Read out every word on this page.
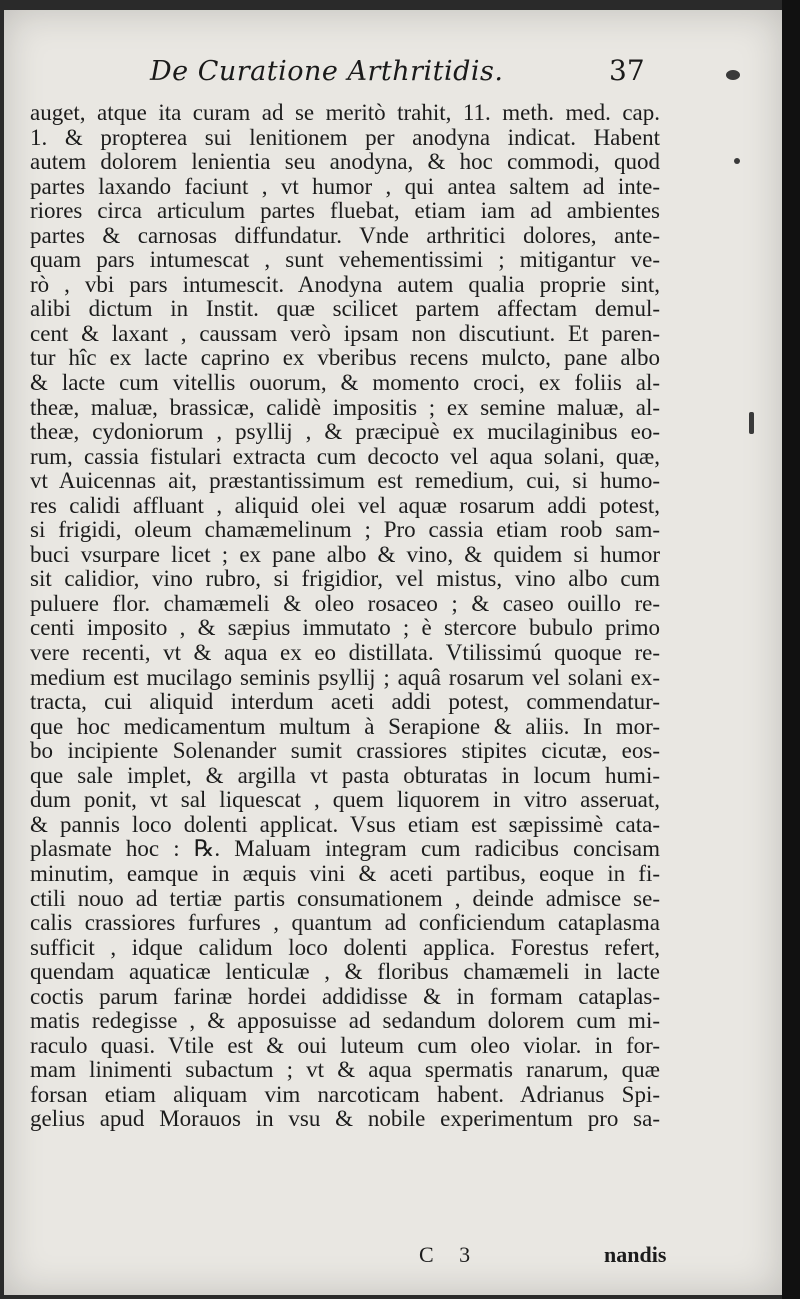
De Curatione Arthritidis.	37
auget, atque ita curam ad se meritò trahit, 11. meth. med. cap.
1. & propterea sui lenitionem per anodyna indicat. Habent
autem dolorem lenientia seu anodyna, & hoc commodi, quod
partes laxando faciunt , vt humor , qui antea saltem ad inte-
riores circa articulum partes fluebat, etiam iam ad ambientes
partes & carnosas diffundatur. Vnde arthritici dolores, ante-
quam pars intumescat , sunt vehementissimi ; mitigantur ve-
rò , vbi pars intumescit. Anodyna autem qualia proprie sint,
alibi dictum in Instit. quæ scilicet partem affectam demul-
cent & laxant , caussam verò ipsam non discutiunt. Et paren-
tur hîc ex lacte caprino ex vberibus recens mulcto, pane albo
& lacte cum vitellis ouorum, & momento croci, ex foliis al-
theæ, maluæ, brassicæ, calidè impositis ; ex semine maluæ, al-
theæ, cydoniorum , psyllij , & præcipuè ex mucilaginibus eo-
rum, cassia fistulari extracta cum decocto vel aqua solani, quæ,
vt Auicennas ait, præstantissimum est remedium, cui, si humo-
res calidi affluant , aliquid olei vel aquæ rosarum addi potest,
si frigidi, oleum chamæmelinum ; Pro cassia etiam roob sam-
buci vsurpare licet ; ex pane albo & vino, & quidem si humor
sit calidior, vino rubro, si frigidior, vel mistus, vino albo cum
puluere flor. chamæmeli & oleo rosaceo ; & caseo ouillo re-
centi imposito , & sæpius immutato ; è stercore bubulo primo
vere recenti, vt & aqua ex eo distillata. Vtilissimú quoque re-
medium est mucilago seminis psyllij ; aquâ rosarum vel solani ex-
tracta, cui aliquid interdum aceti addi potest, commendatur-
que hoc medicamentum multum à Serapione & aliis. In mor-
bo incipiente Solenander sumit crassiores stipites cicutæ, eos-
que sale implet, & argilla vt pasta obturatas in locum humi-
dum ponit, vt sal liquescat , quem liquorem in vitro asseruat,
& pannis loco dolenti applicat. Vsus etiam est sæpissimè cata-
plasmate hoc : ℞. Maluam integram cum radicibus concisam
minutim, eamque in æquis vini & aceti partibus, eoque in fi-
ctili nouo ad tertiæ partis consumationem , deinde admisce se-
calis crassiores furfures , quantum ad conficiendum cataplasma
sufficit , idque calidum loco dolenti applica. Forestus refert,
quendam aquaticæ lenticulæ , & floribus chamæmeli in lacte
coctis parum farinæ hordei addidisse & in formam cataplas-
matis redegisse , & apposuisse ad sedandum dolorem cum mi-
raculo quasi. Vtile est & oui luteum cum oleo violar. in for-
mam linimenti subactum ; vt & aqua spermatis ranarum, quæ
forsan etiam aliquam vim narcoticam habent. Adrianus Spi-
gelius apud Morauos in vsu & nobile experimentum pro sa-
C 3	nandis
